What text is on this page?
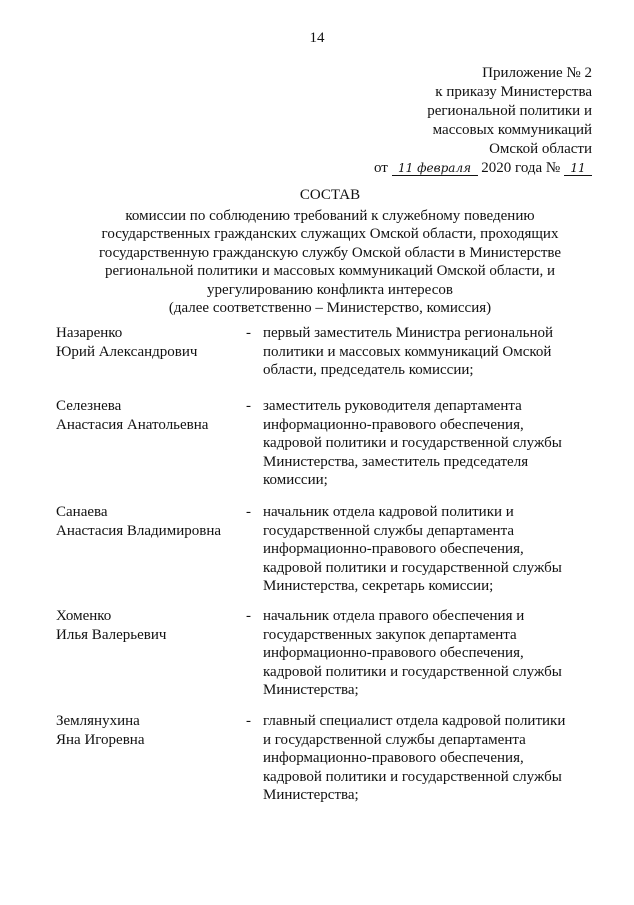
14
Приложение № 2
к приказу Министерства
региональной политики и
массовых коммуникаций
Омской области
от 11 февраля 2020 года № 11
СОСТАВ
комиссии по соблюдению требований к служебному поведению
государственных гражданских служащих Омской области, проходящих
государственную гражданскую службу Омской области в Министерстве
региональной политики и массовых коммуникаций Омской области, и
урегулированию конфликта интересов
(далее соответственно – Министерство, комиссия)
Назаренко
Юрий Александрович
- первый заместитель Министра региональной
политики и массовых коммуникаций Омской
области, председатель комиссии;
Селезнева
Анастасия Анатольевна
- заместитель руководителя департамента
информационно-правового обеспечения,
кадровой политики и государственной службы
Министерства, заместитель председателя
комиссии;
Санаева
Анастасия Владимировна
- начальник отдела кадровой политики и
государственной службы департамента
информационно-правового обеспечения,
кадровой политики и государственной службы
Министерства, секретарь комиссии;
Хоменко
Илья Валерьевич
- начальник отдела правого обеспечения и
государственных закупок департамента
информационно-правового обеспечения,
кадровой политики и государственной службы
Министерства;
Землянухина
Яна Игоревна
- главный специалист отдела кадровой политики
и государственной службы департамента
информационно-правового обеспечения,
кадровой политики и государственной службы
Министерства;
